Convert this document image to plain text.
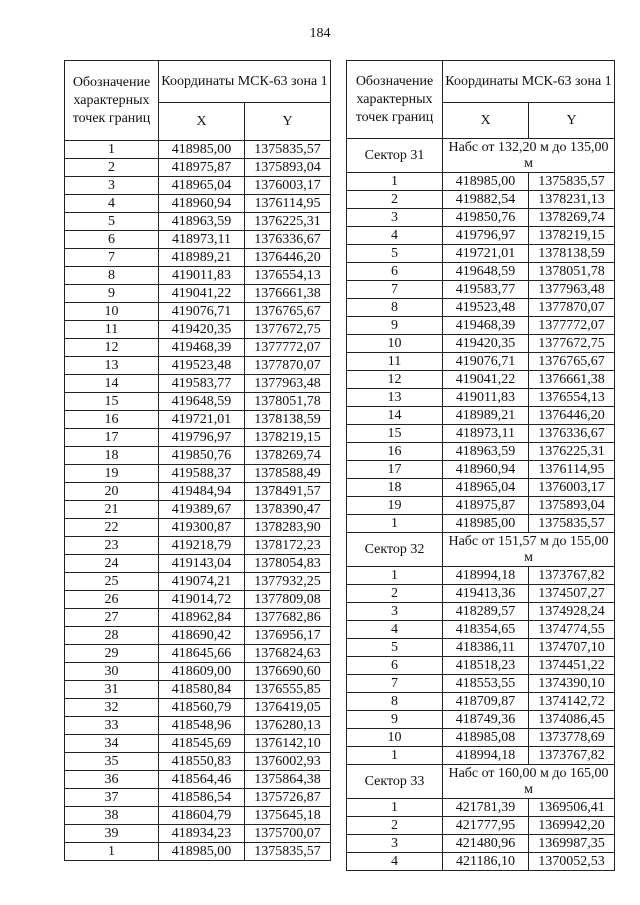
184
Обозначение характерных точек границ	Координаты МСК-63 зона 1	
	X	Y
1	418985,00	1375835,57
2	418975,87	1375893,04
3	418965,04	1376003,17
4	418960,94	1376114,95
5	418963,59	1376225,31
6	418973,11	1376336,67
7	418989,21	1376446,20
8	419011,83	1376554,13
9	419041,22	1376661,38
10	419076,71	1376765,67
11	419420,35	1377672,75
12	419468,39	1377772,07
13	419523,48	1377870,07
14	419583,77	1377963,48
15	419648,59	1378051,78
16	419721,01	1378138,59
17	419796,97	1378219,15
18	419850,76	1378269,74
19	419588,37	1378588,49
20	419484,94	1378491,57
21	419389,67	1378390,47
22	419300,87	1378283,90
23	419218,79	1378172,23
24	419143,04	1378054,83
25	419074,21	1377932,25
26	419014,72	1377809,08
27	418962,84	1377682,86
28	418690,42	1376956,17
29	418645,66	1376824,63
30	418609,00	1376690,60
31	418580,84	1376555,85
32	418560,79	1376419,05
33	418548,96	1376280,13
34	418545,69	1376142,10
35	418550,83	1376002,93
36	418564,46	1375864,38
37	418586,54	1375726,87
38	418604,79	1375645,18
39	418934,23	1375700,07
1	418985,00	1375835,57
Обозначение характерных точек границ	Координаты МСК-63 зона 1	
	X	Y
Сектор 31	Набс от 132,20 м до 135,00 м	
1	418985,00	1375835,57
2	419882,54	1378231,13
3	419850,76	1378269,74
4	419796,97	1378219,15
5	419721,01	1378138,59
6	419648,59	1378051,78
7	419583,77	1377963,48
8	419523,48	1377870,07
9	419468,39	1377772,07
10	419420,35	1377672,75
11	419076,71	1376765,67
12	419041,22	1376661,38
13	419011,83	1376554,13
14	418989,21	1376446,20
15	418973,11	1376336,67
16	418963,59	1376225,31
17	418960,94	1376114,95
18	418965,04	1376003,17
19	418975,87	1375893,04
1	418985,00	1375835,57
Сектор 32	Набс от 151,57 м до 155,00 м	
1	418994,18	1373767,82
2	419413,36	1374507,27
3	418289,57	1374928,24
4	418354,65	1374774,55
5	418386,11	1374707,10
6	418518,23	1374451,22
7	418553,55	1374390,10
8	418709,87	1374142,72
9	418749,36	1374086,45
10	418985,08	1373778,69
1	418994,18	1373767,82
Сектор 33	Набс от 160,00 м до 165,00 м	
1	421781,39	1369506,41
2	421777,95	1369942,20
3	421480,96	1369987,35
4	421186,10	1370052,53
